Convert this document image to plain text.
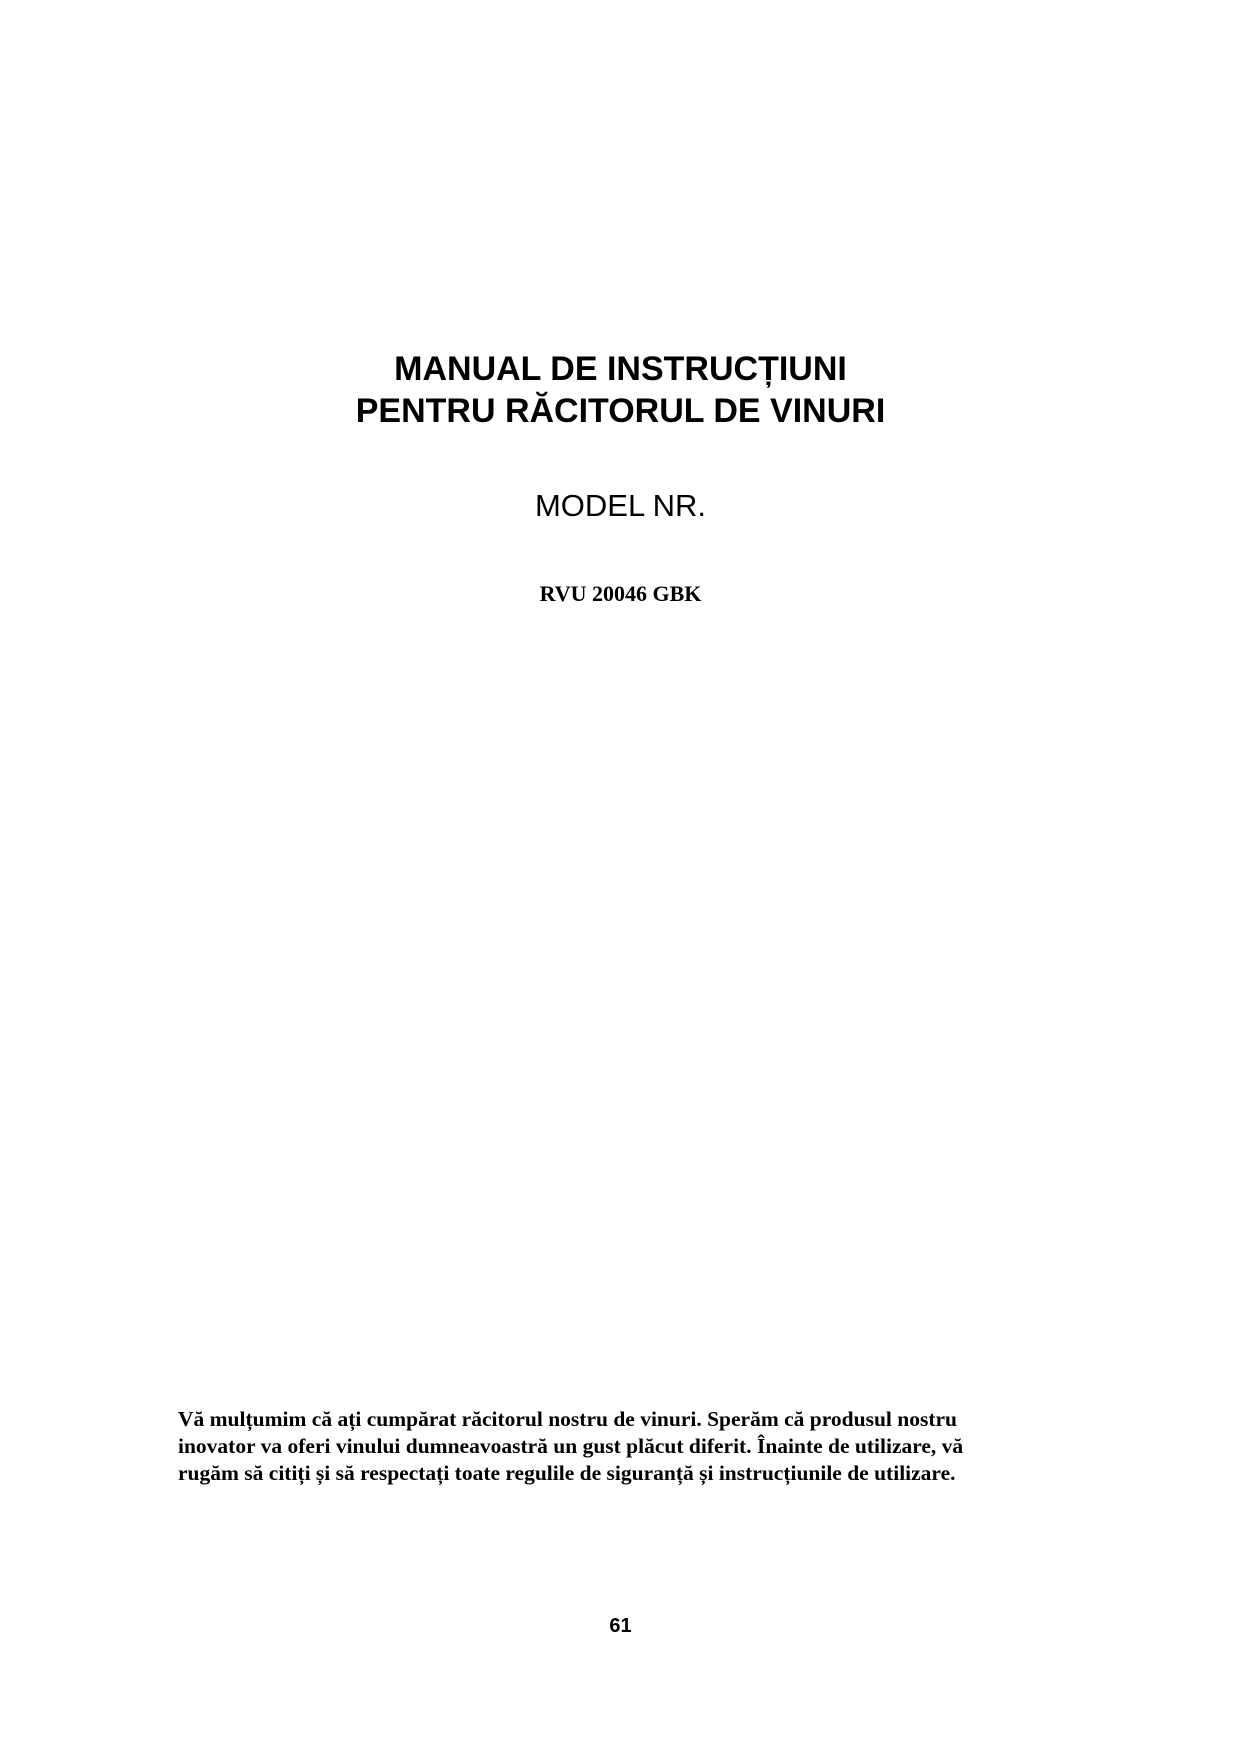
MANUAL DE INSTRUCȚIUNI
PENTRU RĂCITORUL DE VINURI
MODEL NR.
RVU 20046 GBK
Vă mulțumim că ați cumpărat răcitorul nostru de vinuri. Sperăm că produsul nostru
inovator va oferi vinului dumneavoastră un gust plăcut diferit. Înainte de utilizare, vă
rugăm să citiți și să respectați toate regulile de siguranță și instrucțiunile de utilizare.
61
